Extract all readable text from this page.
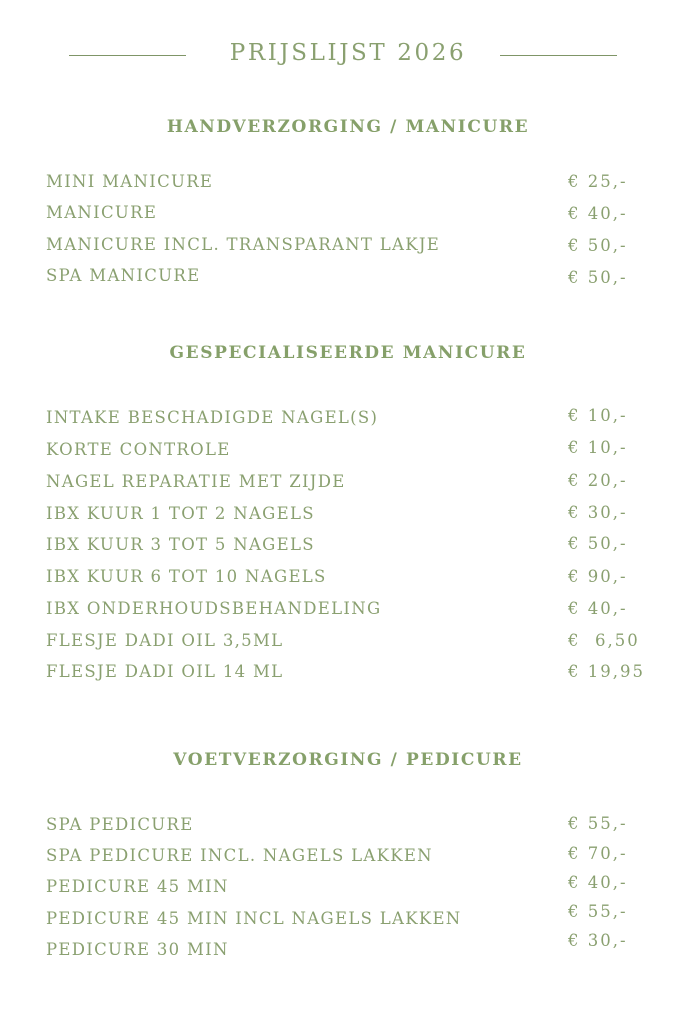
PRIJSLIJST 2026
HANDVERZORGING / MANICURE
MINI MANICURE	€ 25,-
MANICURE	€ 40,-
MANICURE INCL. TRANSPARANT LAKJE	€ 50,-
SPA MANICURE	€ 50,-
GESPECIALISEERDE MANICURE
INTAKE BESCHADIGDE NAGEL(S)	€ 10,-
KORTE CONTROLE	€ 10,-
NAGEL REPARATIE MET ZIJDE	€ 20,-
IBX KUUR 1 TOT 2 NAGELS	€ 30,-
IBX KUUR 3 TOT 5 NAGELS	€ 50,-
IBX KUUR 6 TOT 10 NAGELS	€ 90,-
IBX ONDERHOUDSBEHANDELING	€ 40,-
FLESJE DADI OIL 3,5ML	€  6,50
FLESJE DADI OIL 14 ML	€ 19,95
VOETVERZORGING / PEDICURE
SPA PEDICURE	€ 55,-
SPA PEDICURE INCL. NAGELS LAKKEN	€ 70,-
PEDICURE 45 MIN	€ 40,-
PEDICURE 45 MIN INCL NAGELS LAKKEN	€ 55,-
PEDICURE 30 MIN	€ 30,-
